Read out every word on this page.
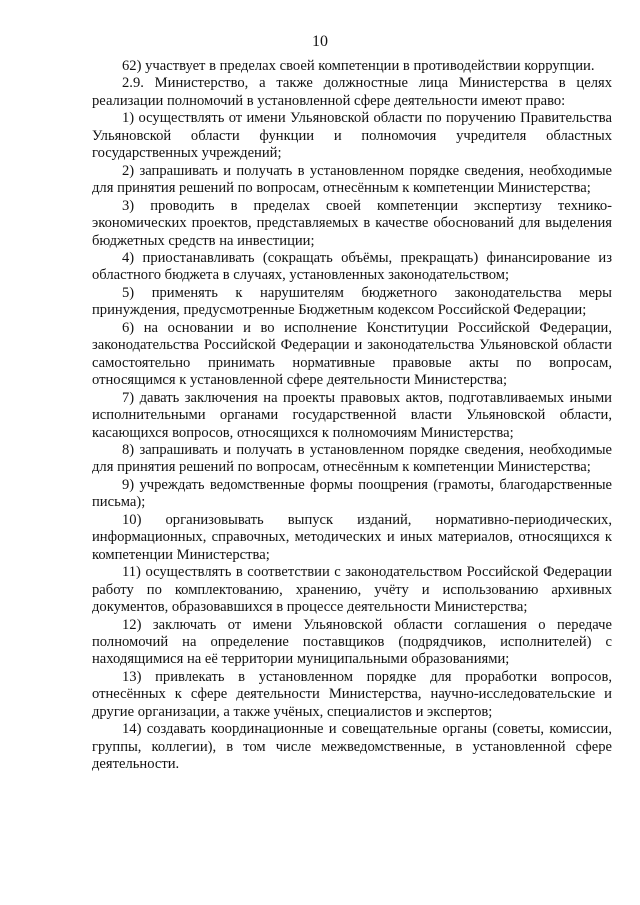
10

62) участвует в пределах своей компетенции в противодействии коррупции.

2.9. Министерство, а также должностные лица Министерства в целях реализации полномочий в установленной сфере деятельности имеют право:

1) осуществлять от имени Ульяновской области по поручению Правительства Ульяновской области функции и полномочия учредителя областных государственных учреждений;

2) запрашивать и получать в установленном порядке сведения, необходимые для принятия решений по вопросам, отнесённым к компетенции Министерства;

3) проводить в пределах своей компетенции экспертизу технико-экономических проектов, представляемых в качестве обоснований для выделения бюджетных средств на инвестиции;

4) приостанавливать (сокращать объёмы, прекращать) финансирование из областного бюджета в случаях, установленных законодательством;

5) применять к нарушителям бюджетного законодательства меры принуждения, предусмотренные Бюджетным кодексом Российской Федерации;

6) на основании и во исполнение Конституции Российской Федерации, законодательства Российской Федерации и законодательства Ульяновской области самостоятельно принимать нормативные правовые акты по вопросам, относящимся к установленной сфере деятельности Министерства;

7) давать заключения на проекты правовых актов, подготавливаемых иными исполнительными органами государственной власти Ульяновской области, касающихся вопросов, относящихся к полномочиям Министерства;

8) запрашивать и получать в установленном порядке сведения, необходимые для принятия решений по вопросам, отнесённым к компетенции Министерства;

9) учреждать ведомственные формы поощрения (грамоты, благодарственные письма);

10) организовывать выпуск изданий, нормативно-периодических, информационных, справочных, методических и иных материалов, относящихся к компетенции Министерства;

11) осуществлять в соответствии с законодательством Российской Федерации работу по комплектованию, хранению, учёту и использованию архивных документов, образовавшихся в процессе деятельности Министерства;

12) заключать от имени Ульяновской области соглашения о передаче полномочий на определение поставщиков (подрядчиков, исполнителей) с находящимися на её территории муниципальными образованиями;

13) привлекать в установленном порядке для проработки вопросов, отнесённых к сфере деятельности Министерства, научно-исследовательские и другие организации, а также учёных, специалистов и экспертов;

14) создавать координационные и совещательные органы (советы, комиссии, группы, коллегии), в том числе межведомственные, в установленной сфере деятельности.
